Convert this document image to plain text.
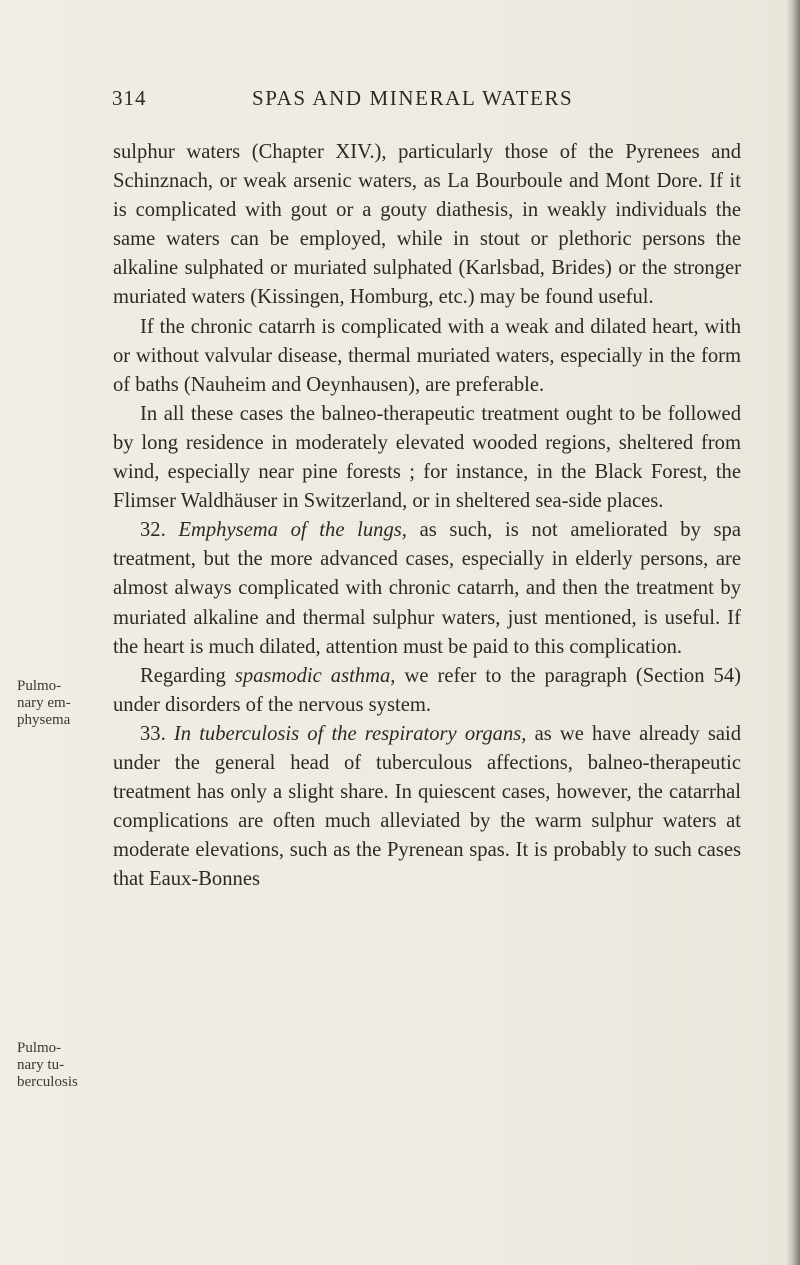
314	SPAS AND MINERAL WATERS
Pulmo-
nary em-
physema
Pulmo-
nary tu-
berculosis

sulphur waters (Chapter XIV.), particularly those of the Pyrenees and Schinznach, or weak arsenic waters, as La Bourboule and Mont Dore. If it is complicated with gout or a gouty diathesis, in weakly individuals the same waters can be employed, while in stout or plethoric persons the alkaline sulphated or muriated sulphated (Karlsbad, Brides) or the stronger muriated waters (Kissingen, Homburg, etc.) may be found useful.

If the chronic catarrh is complicated with a weak and dilated heart, with or without valvular disease, thermal muriated waters, especially in the form of baths (Nauheim and Oeynhausen), are preferable.

In all these cases the balneo-therapeutic treatment ought to be followed by long residence in moderately elevated wooded regions, sheltered from wind, especially near pine forests ; for instance, in the Black Forest, the Flimser Waldhäuser in Switzerland, or in sheltered sea-side places.

32. Emphysema of the lungs, as such, is not ameliorated by spa treatment, but the more advanced cases, especially in elderly persons, are almost always complicated with chronic catarrh, and then the treatment by muriated alkaline and thermal sulphur waters, just mentioned, is useful. If the heart is much dilated, attention must be paid to this complication.

Regarding spasmodic asthma, we refer to the paragraph (Section 54) under disorders of the nervous system.

33. In tuberculosis of the respiratory organs, as we have already said under the general head of tuberculous affections, balneo-therapeutic treatment has only a slight share. In quiescent cases, however, the catarrhal complications are often much alleviated by the warm sulphur waters at moderate elevations, such as the Pyrenean spas. It is probably to such cases that Eaux-Bonnes
